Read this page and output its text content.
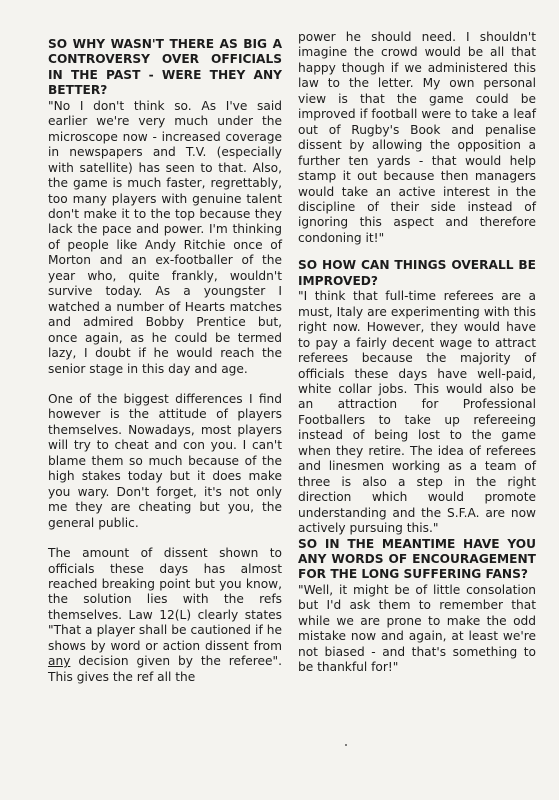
SO WHY WASN'T THERE AS BIG A CONTROVERSY OVER OFFICIALS IN THE PAST - WERE THEY ANY BETTER?

"No I don't think so. As I've said earlier we're very much under the microscope now - increased coverage in newspapers and T.V. (especially with satellite) has seen to that. Also, the game is much faster, regrettably, too many players with genuine talent don't make it to the top because they lack the pace and power. I'm thinking of people like Andy Ritchie once of Morton and an ex-footballer of the year who, quite frankly, wouldn't survive today. As a youngster I watched a number of Hearts matches and admired Bobby Prentice but, once again, as he could be termed lazy, I doubt if he would reach the senior stage in this day and age.

One of the biggest differences I find however is the attitude of players themselves. Nowadays, most players will try to cheat and con you. I can't blame them so much because of the high stakes today but it does make you wary. Don't forget, it's not only me they are cheating but you, the general public.

The amount of dissent shown to officials these days has almost reached breaking point but you know, the solution lies with the refs themselves. Law 12(L) clearly states "That a player shall be cautioned if he shows by word or action dissent from any decision given by the referee". This gives the ref all the

power he should need. I shouldn't imagine the crowd would be all that happy though if we administered this law to the letter. My own personal view is that the game could be improved if football were to take a leaf out of Rugby's Book and penalise dissent by allowing the opposition a further ten yards - that would help stamp it out because then managers would take an active interest in the discipline of their side instead of ignoring this aspect and therefore condoning it!"

SO HOW CAN THINGS OVERALL BE IMPROVED?

"I think that full-time referees are a must, Italy are experimenting with this right now. However, they would have to pay a fairly decent wage to attract referees because the majority of officials these days have well-paid, white collar jobs. This would also be an attraction for Professional Footballers to take up refereeing instead of being lost to the game when they retire. The idea of referees and linesmen working as a team of three is also a step in the right direction which would promote understanding and the S.F.A. are now actively pursuing this."

SO IN THE MEANTIME HAVE YOU ANY WORDS OF ENCOURAGEMENT FOR THE LONG SUFFERING FANS?

"Well, it might be of little consolation but I'd ask them to remember that while we are prone to make the odd mistake now and again, at least we're not biased - and that's something to be thankful for!"
